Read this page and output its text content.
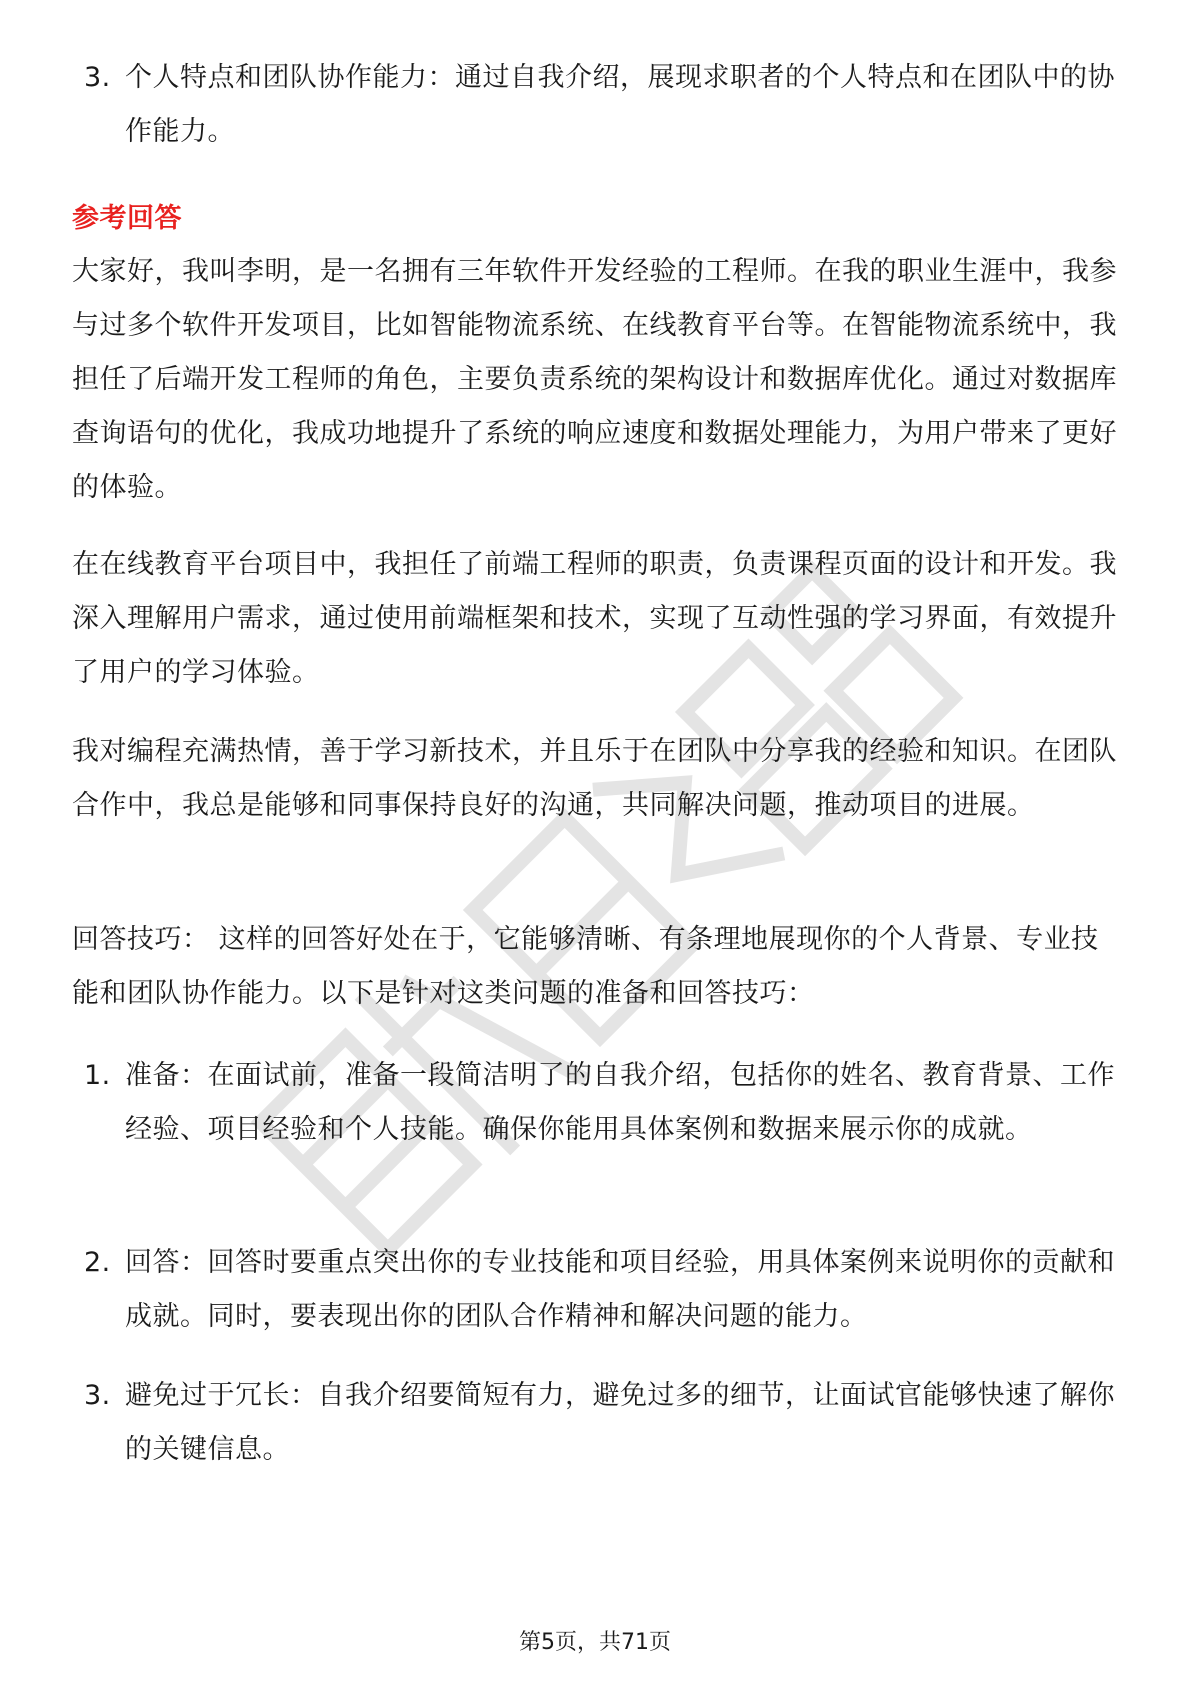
3. 个人特点和团队协作能力：通过自我介绍，展现求职者的个人特点和在团队中的协作能力。
参考回答

大家好，我叫李明，是一名拥有三年软件开发经验的工程师。在我的职业生涯中，我参与过多个软件开发项目，比如智能物流系统、在线教育平台等。在智能物流系统中，我担任了后端开发工程师的角色，主要负责系统的架构设计和数据库优化。通过对数据库查询语句的优化，我成功地提升了系统的响应速度和数据处理能力，为用户带来了更好的体验。

在在线教育平台项目中，我担任了前端工程师的职责，负责课程页面的设计和开发。我深入理解用户需求，通过使用前端框架和技术，实现了互动性强的学习界面，有效提升了用户的学习体验。

我对编程充满热情，善于学习新技术，并且乐于在团队中分享我的经验和知识。在团队合作中，我总是能够和同事保持良好的沟通，共同解决问题，推动项目的进展。

回答技巧： 这样的回答好处在于，它能够清晰、有条理地展现你的个人背景、专业技能和团队协作能力。以下是针对这类问题的准备和回答技巧：

1. 准备：在面试前，准备一段简洁明了的自我介绍，包括你的姓名、教育背景、工作经验、项目经验和个人技能。确保你能用具体案例和数据来展示你的成就。
2. 回答：回答时要重点突出你的专业技能和项目经验，用具体案例来说明你的贡献和成就。同时，要表现出你的团队合作精神和解决问题的能力。
3. 避免过于冗长：自我介绍要简短有力，避免过多的细节，让面试官能够快速了解你的关键信息。
第5页，共71页
